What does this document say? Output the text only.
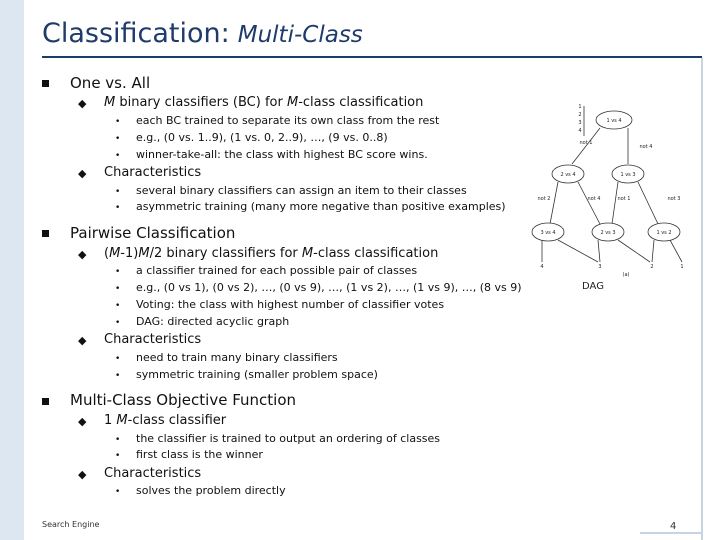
Classification: Multi-Class
One vs. All
◆ M binary classifiers (BC) for M-class classification
• each BC trained to separate its own class from the rest
• e.g., (0 vs. 1..9), (1 vs. 0, 2..9), …, (9 vs. 0..8)
• winner-take-all: the class with highest BC score wins.
◆ Characteristics
• several binary classifiers can assign an item to their classes
• asymmetric training (many more negative than positive examples)
Pairwise Classification
◆ (M-1)M/2 binary classifiers for M-class classification
• a classifier trained for each possible pair of classes
• e.g., (0 vs 1), (0 vs 2), …, (0 vs 9), …, (1 vs 2), …, (1 vs 9), …, (8 vs 9)
• Voting: the class with highest number of classifier votes
• DAG: directed acyclic graph
◆ Characteristics
• need to train many binary classifiers
• symmetric training (smaller problem space)
Multi-Class Objective Function
◆ 1 M-class classifier
• the classifier is trained to output an ordering of classes
• first class is the winner
◆ Characteristics
• solves the problem directly
1 vs 4
2 vs 4	1 vs 3
3 vs 4	2 vs 3	1 vs 2
not 1
not 4
not 2	not 4	not 1	not 3
1
2
3
4
4	3	2	1
(a)
DAG
Search Engine	4
